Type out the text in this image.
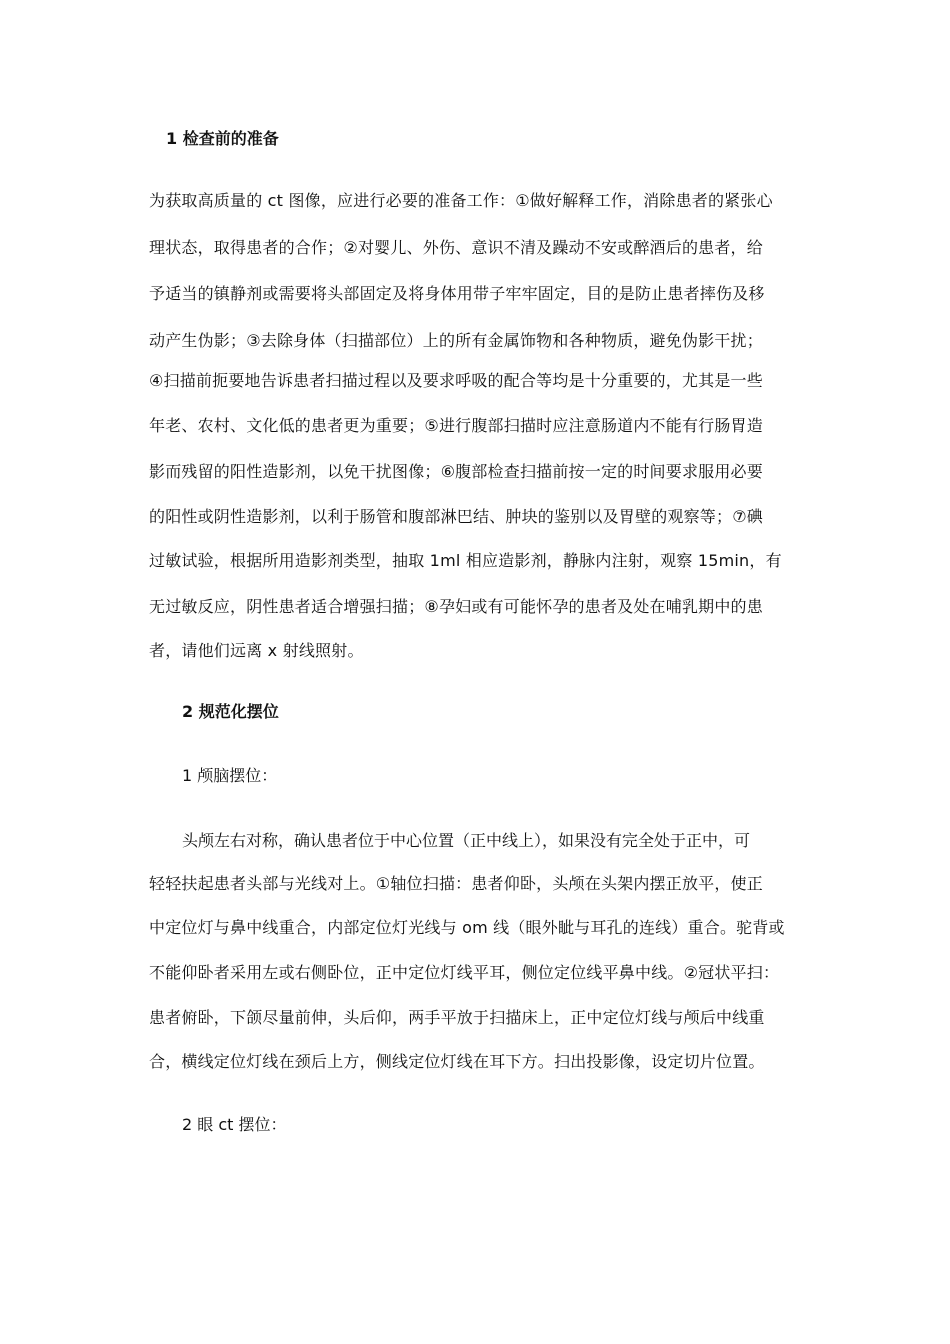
1 检查前的准备
为获取高质量的 ct 图像，应进行必要的准备工作：①做好解释工作，消除患者的紧张心
理状态，取得患者的合作；②对婴儿、外伤、意识不清及躁动不安或醉酒后的患者，给
予适当的镇静剂或需要将头部固定及将身体用带子牢牢固定，目的是防止患者摔伤及移
动产生伪影；③去除身体（扫描部位）上的所有金属饰物和各种物质，避免伪影干扰；
④扫描前扼要地告诉患者扫描过程以及要求呼吸的配合等均是十分重要的，尤其是一些
年老、农村、文化低的患者更为重要；⑤进行腹部扫描时应注意肠道内不能有行肠胃造
影而残留的阳性造影剂，以免干扰图像；⑥腹部检查扫描前按一定的时间要求服用必要
的阳性或阴性造影剂，以利于肠管和腹部淋巴结、肿块的鉴别以及胃壁的观察等；⑦碘
过敏试验，根据所用造影剂类型，抽取 1ml 相应造影剂，静脉内注射，观察 15min，有
无过敏反应，阴性患者适合增强扫描；⑧孕妇或有可能怀孕的患者及处在哺乳期中的患
者，请他们远离 x 射线照射。
2 规范化摆位
1 颅脑摆位：
头颅左右对称，确认患者位于中心位置（正中线上），如果没有完全处于正中，可
轻轻扶起患者头部与光线对上。①轴位扫描：患者仰卧，头颅在头架内摆正放平，使正
中定位灯与鼻中线重合，内部定位灯光线与 om 线（眼外眦与耳孔的连线）重合。驼背或
不能仰卧者采用左或右侧卧位，正中定位灯线平耳，侧位定位线平鼻中线。②冠状平扫：
患者俯卧，下颌尽量前伸，头后仰，两手平放于扫描床上，正中定位灯线与颅后中线重
合，横线定位灯线在颈后上方，侧线定位灯线在耳下方。扫出投影像，设定切片位置。
2 眼 ct 摆位：
